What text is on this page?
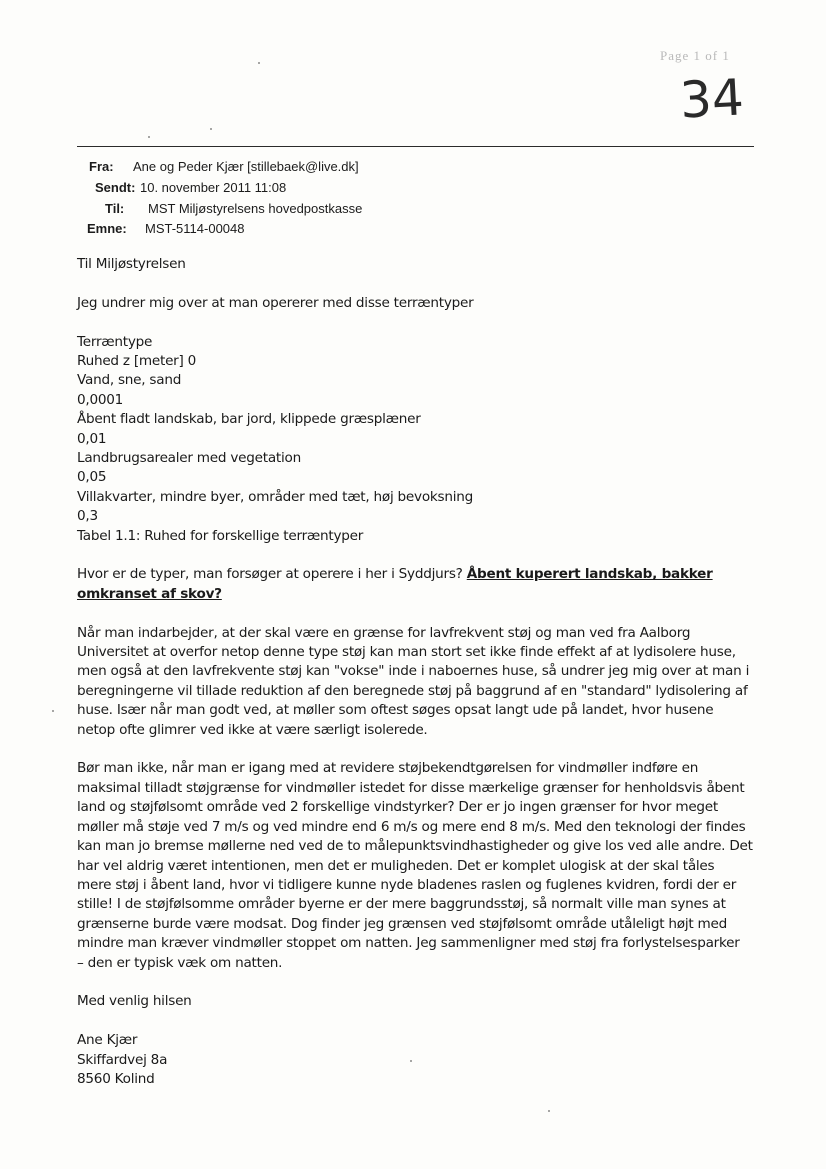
Page 1 of 1
34
Fra:	Ane og Peder Kjær [stillebaek@live.dk]
Sendt: 10. november 2011 11:08
Til:	MST Miljøstyrelsens hovedpostkasse
Emne:	MST-5114-00048

Til Miljøstyrelsen

Jeg undrer mig over at man opererer med disse terræntyper

Terræntype
Ruhed z [meter] 0
Vand, sne, sand
0,0001
Åbent fladt landskab, bar jord, klippede græsplæner
0,01
Landbrugsarealer med vegetation
0,05
Villakvarter, mindre byer, områder med tæt, høj bevoksning
0,3
Tabel 1.1: Ruhed for forskellige terræntyper

Hvor er de typer, man forsøger at operere i her i Syddjurs? Åbent kuperert landskab, bakker
omkranset af skov?

Når man indarbejder, at der skal være en grænse for lavfrekvent støj og man ved fra Aalborg
Universitet at overfor netop denne type støj kan man stort set ikke finde effekt af at lydisolere huse,
men også at den lavfrekvente støj kan "vokse" inde i naboernes huse, så undrer jeg mig over at man i
beregningerne vil tillade reduktion af den beregnede støj på baggrund af en "standard" lydisolering af
huse. Især når man godt ved, at møller som oftest søges opsat langt ude på landet, hvor husene
netop ofte glimrer ved ikke at være særligt isolerede.

Bør man ikke, når man er igang med at revidere støjbekendtgørelsen for vindmøller indføre en
maksimal tilladt støjgrænse for vindmøller istedet for disse mærkelige grænser for henholdsvis åbent
land og støjfølsomt område ved 2 forskellige vindstyrker? Der er jo ingen grænser for hvor meget
møller må støje ved 7 m/s og ved mindre end 6 m/s og mere end 8 m/s. Med den teknologi der findes
kan man jo bremse møllerne ned ved de to målepunktsvindhastigheder og give los ved alle andre. Det
har vel aldrig været intentionen, men det er muligheden. Det er komplet ulogisk at der skal tåles
mere støj i åbent land, hvor vi tidligere kunne nyde bladenes raslen og fuglenes kvidren, fordi der er
stille! I de støjfølsomme områder byerne er der mere baggrundsstøj, så normalt ville man synes at
grænserne burde være modsat. Dog finder jeg grænsen ved støjfølsomt område utåleligt højt med
mindre man kræver vindmøller stoppet om natten. Jeg sammenligner med støj fra forlystelsesparker
– den er typisk væk om natten.

Med venlig hilsen

Ane Kjær
Skiffardvej 8a
8560 Kolind
